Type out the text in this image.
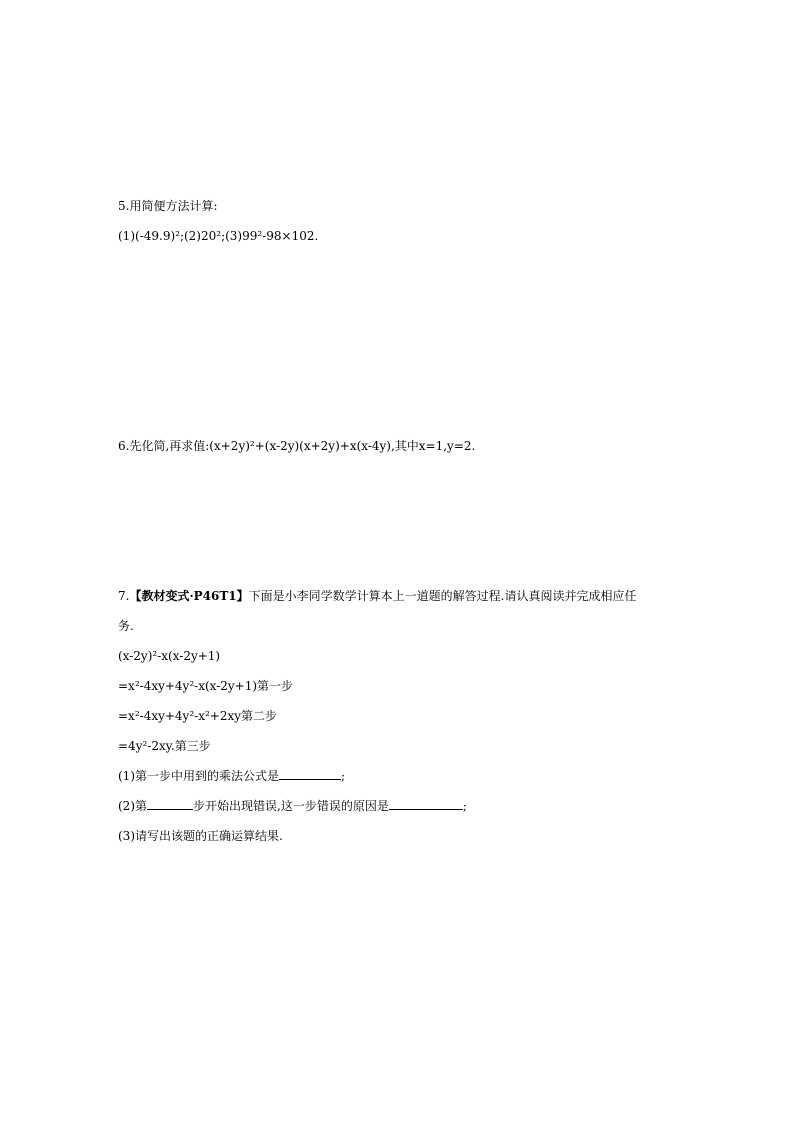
5.用简便方法计算:
(1)(-49.9)²;(2)20²;(3)99²-98×102.
6.先化简,再求值:(x+2y)²+(x-2y)(x+2y)+x(x-4y),其中x=1,y=2.
7.【教材变式·P46T1】下面是小李同学数学计算本上一道题的解答过程.请认真阅读并完成相应任
务.
(x-2y)²-x(x-2y+1)
=x²-4xy+4y²-x(x-2y+1)第一步
=x²-4xy+4y²-x²+2xy第二步
=4y²-2xy.第三步
(1)第一步中用到的乘法公式是	;
(2)第	步开始出现错误,这一步错误的原因是	;
(3)请写出该题的正确运算结果.
